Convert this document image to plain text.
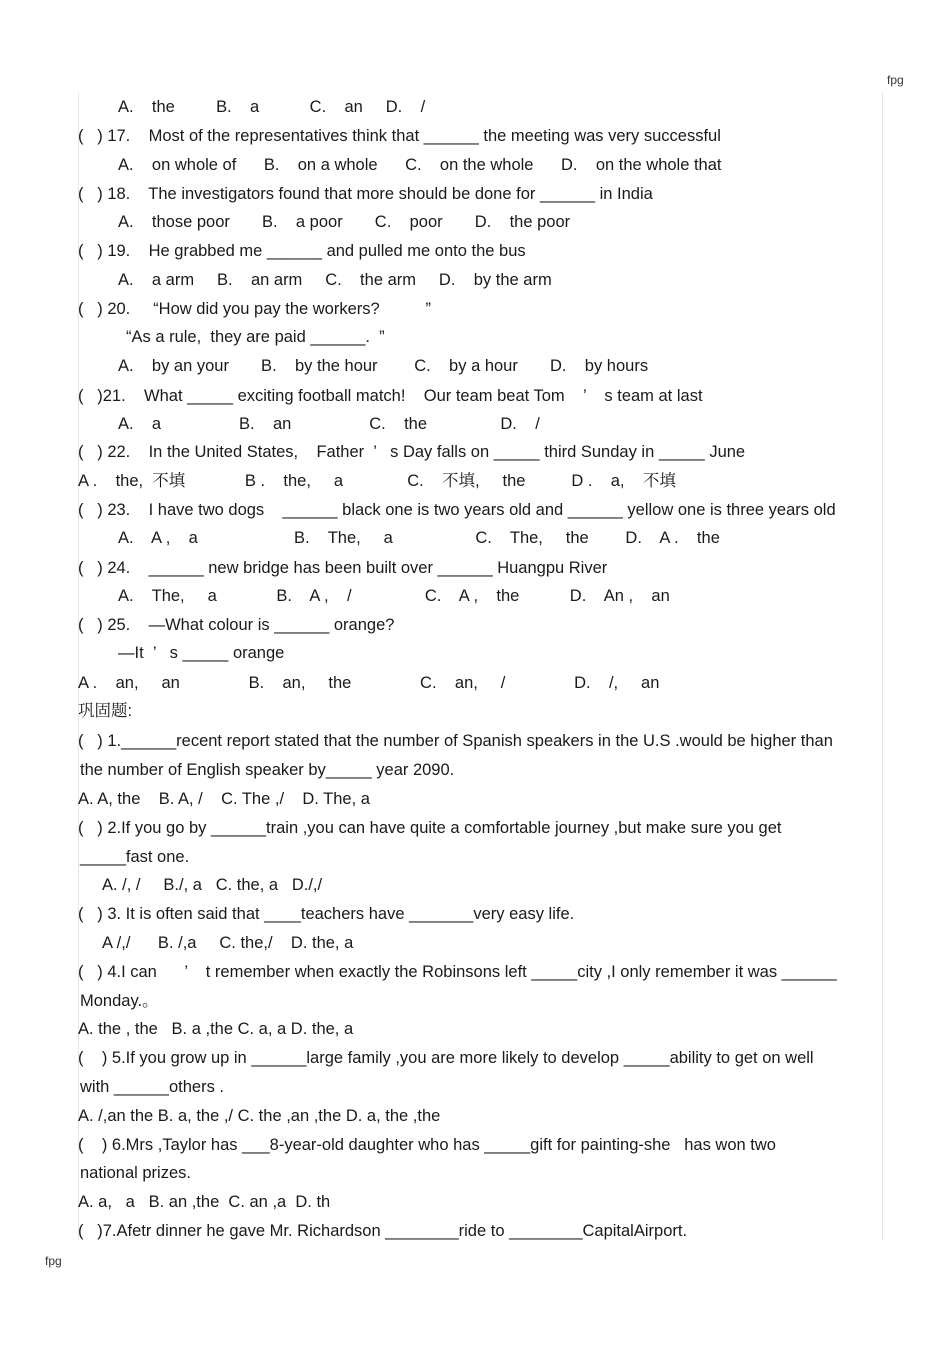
fpg
A.    the         B.    a           C.    an     D.    /
(   ) 17.    Most of the representatives think that ______ the meeting was very successful
A.    on whole of      B.    on a whole      C.    on the whole      D.    on the whole that
(   ) 18.    The investigators found that more should be done for ______ in India
A.    those poor       B.    a poor       C.    poor       D.    the poor
(   ) 19.    He grabbed me ______ and pulled me onto the bus
A.    a arm     B.    an arm     C.    the arm     D.    by the arm
(   ) 20.     “How did you pay the workers?          ”
“As a rule,  they are paid ______.  ”
A.    by an your       B.    by the hour        C.    by a hour       D.    by hours
(   )21.    What _____ exciting football match!    Our team beat Tom    ’    s team at last
A.    a                 B.    an                 C.    the                D.    /
(   ) 22.    In the United States,    Father  ’   s Day falls on _____ third Sunday in _____ June
A .    the,  不填             B .    the,     a              C.    不填,     the          D .    a,    不填
(   ) 23.    I have two dogs    ______ black one is two years old and ______ yellow one is three years old
A.    A ,    a                     B.    The,     a                  C.    The,     the        D.    A .    the
(   ) 24.    ______ new bridge has been built over ______ Huangpu River
A.    The,     a             B.    A ,    /                C.    A ,    the           D.    An ,    an
(   ) 25.    —What colour is ______ orange?
—It  ’   s _____ orange
A .    an,     an               B.    an,     the               C.    an,     /               D.    /,     an
巩固题:
(   ) 1.______recent report stated that the number of Spanish speakers in the U.S .would be higher than
the number of English speaker by_____ year 2090.
A. A, the    B. A, /    C. The ,/    D. The, a
(   ) 2.If you go by ______train ,you can have quite a comfortable journey ,but make sure you get
_____fast one.
A. /, /     B./, a   C. the, a   D./,/
(   ) 3. It is often said that ____teachers have _______very easy life.
A /,/      B. /,a     C. the,/    D. the, a
(   ) 4.I can      ’    t remember when exactly the Robinsons left _____city ,I only remember it was ______
Monday.。
A. the , the   B. a ,the C. a, a D. the, a
(    ) 5.If you grow up in ______large family ,you are more likely to develop _____ability to get on well
with ______others .
A. /,an the B. a, the ,/ C. the ,an ,the D. a, the ,the
(    ) 6.Mrs ,Taylor has ___8-year-old daughter who has _____gift for painting-she   has won two
national prizes.
A. a,   a   B. an ,the  C. an ,a  D. th
(   )7.Afetr dinner he gave Mr. Richardson ________ride to ________CapitalAirport.
fpg
